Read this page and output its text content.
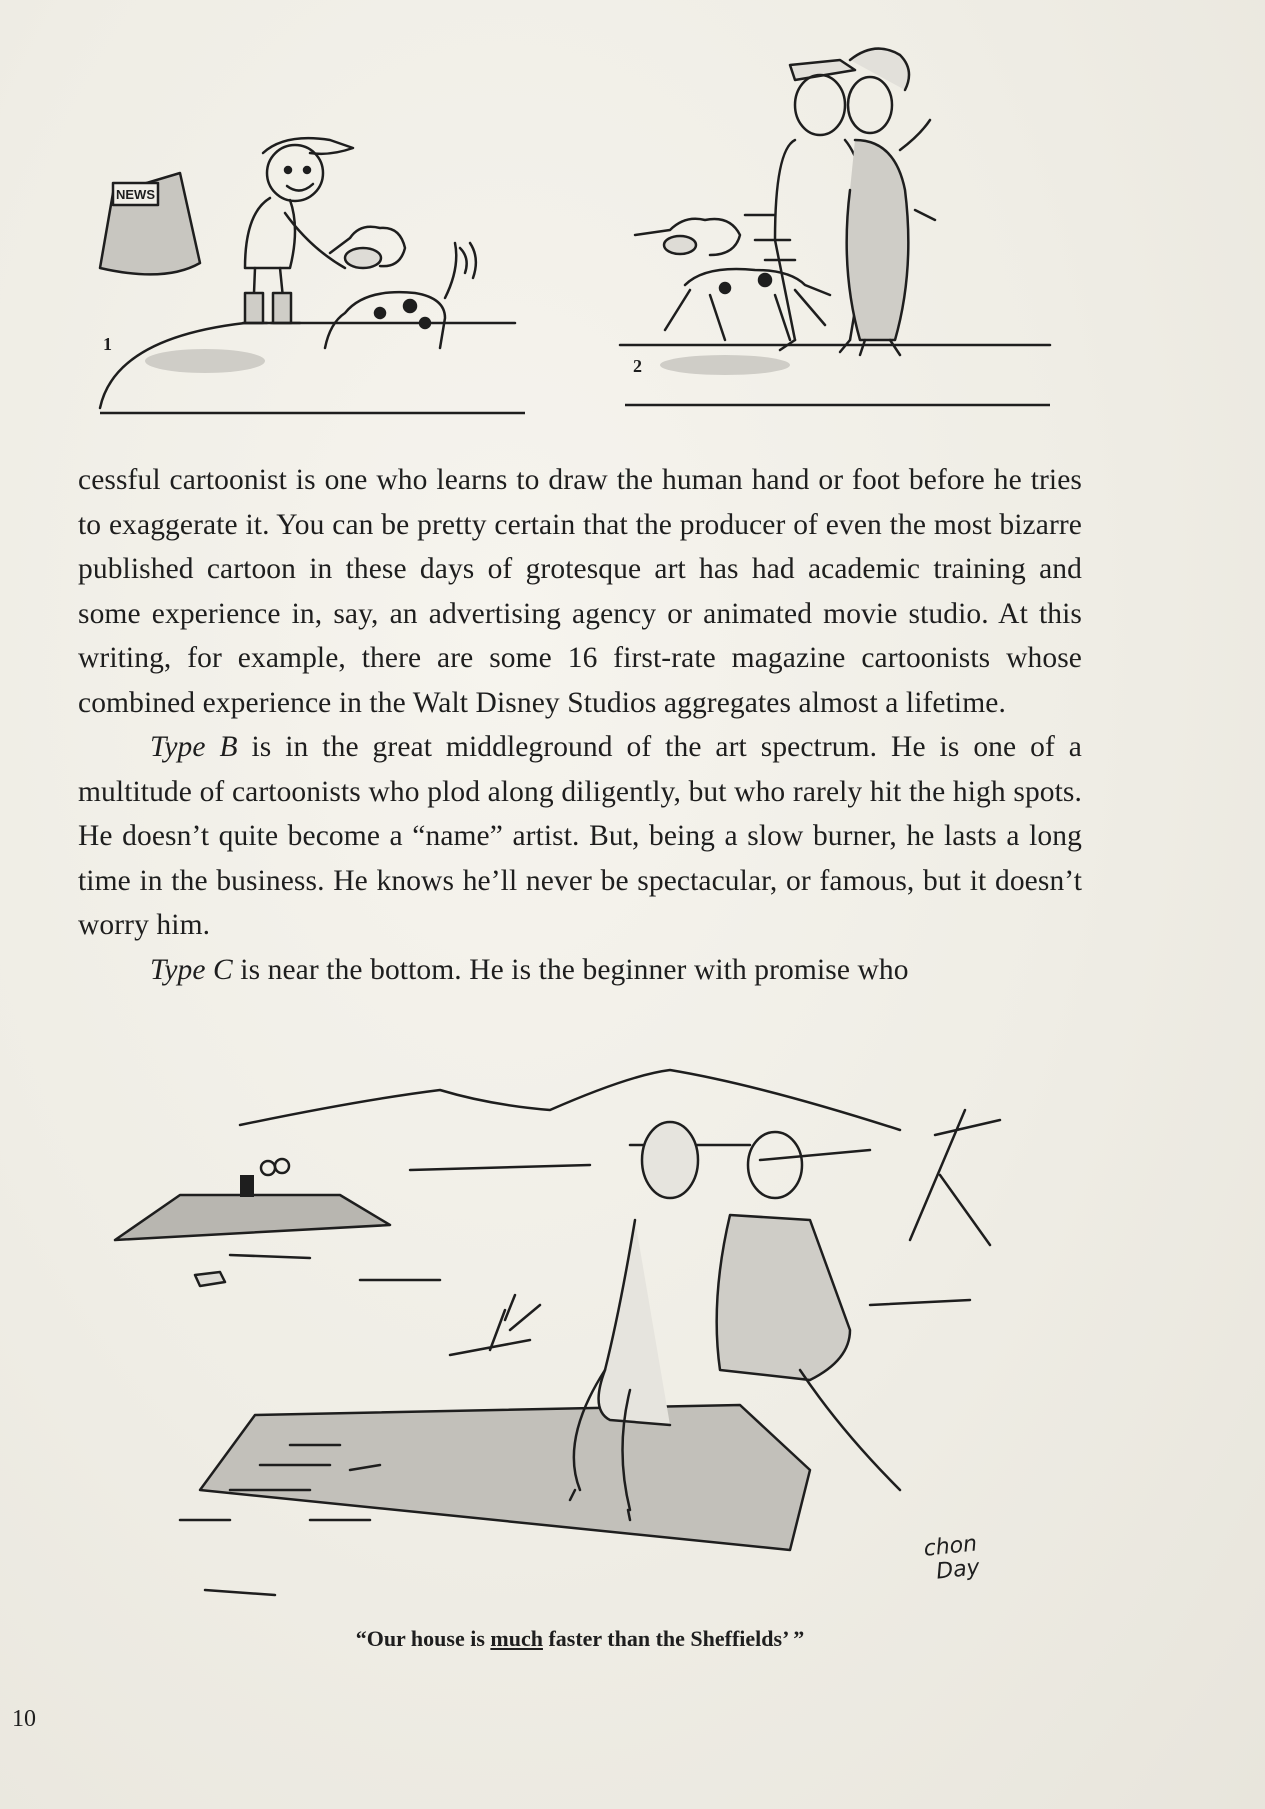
NEWS
1
2

cessful cartoonist is one who learns to draw the human hand or foot before he tries to exaggerate it. You can be pretty certain that the producer of even the most bizarre published cartoon in these days of grotesque art has had academic training and some experience in, say, an advertising agency or animated movie studio. At this writing, for example, there are some 16 first-rate magazine cartoonists whose combined experience in the Walt Disney Studios aggregates almost a lifetime.

Type B is in the great middleground of the art spectrum. He is one of a multitude of cartoonists who plod along diligently, but who rarely hit the high spots. He doesn’t quite become a “name” artist. But, being a slow burner, he lasts a long time in the business. He knows he’ll never be spectacular, or famous, but it doesn’t worry him.

Type C is near the bottom. He is the beginner with promise who

chon
Day
“Our house is much faster than the Sheffields’ ”
10
